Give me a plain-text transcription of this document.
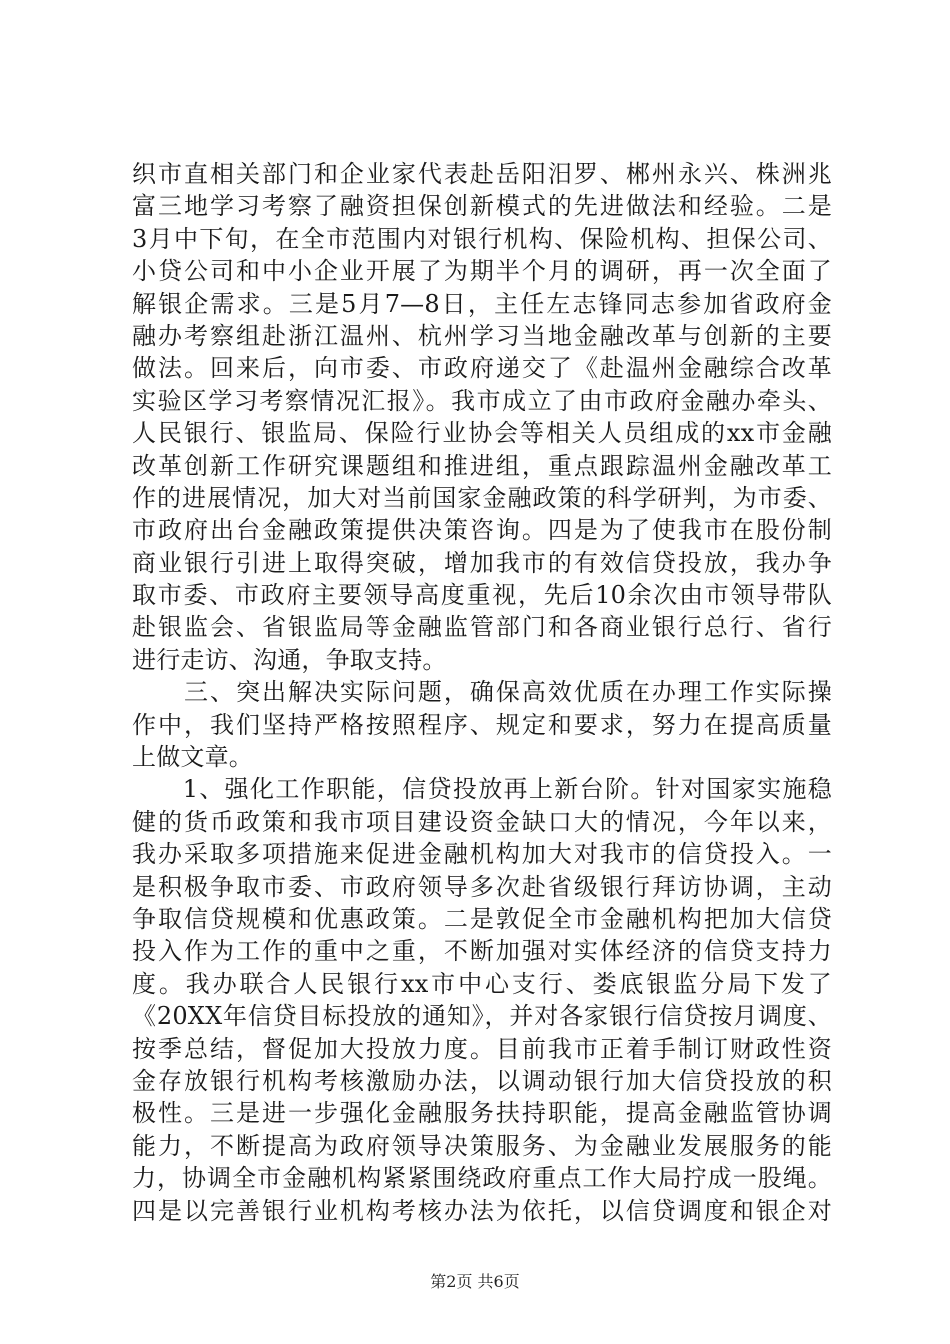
织市直相关部门和企业家代表赴岳阳汨罗、郴州永兴、株洲兆
富三地学习考察了融资担保创新模式的先进做法和经验。二是
3月中下旬，在全市范围内对银行机构、保险机构、担保公司、
小贷公司和中小企业开展了为期半个月的调研，再一次全面了
解银企需求。三是5月7—8日，主任左志锋同志参加省政府金
融办考察组赴浙江温州、杭州学习当地金融改革与创新的主要
做法。回来后，向市委、市政府递交了《赴温州金融综合改革
实验区学习考察情况汇报》。我市成立了由市政府金融办牵头、
人民银行、银监局、保险行业协会等相关人员组成的xx市金融
改革创新工作研究课题组和推进组，重点跟踪温州金融改革工
作的进展情况，加大对当前国家金融政策的科学研判，为市委、
市政府出台金融政策提供决策咨询。四是为了使我市在股份制
商业银行引进上取得突破，增加我市的有效信贷投放，我办争
取市委、市政府主要领导高度重视，先后10余次由市领导带队
赴银监会、省银监局等金融监管部门和各商业银行总行、省行
进行走访、沟通，争取支持。
　　三、突出解决实际问题，确保高效优质在办理工作实际操
作中，我们坚持严格按照程序、规定和要求，努力在提高质量
上做文章。
　　1、强化工作职能，信贷投放再上新台阶。针对国家实施稳
健的货币政策和我市项目建设资金缺口大的情况，今年以来，
我办采取多项措施来促进金融机构加大对我市的信贷投入。一
是积极争取市委、市政府领导多次赴省级银行拜访协调，主动
争取信贷规模和优惠政策。二是敦促全市金融机构把加大信贷
投入作为工作的重中之重，不断加强对实体经济的信贷支持力
度。我办联合人民银行xx市中心支行、娄底银监分局下发了
《20XX年信贷目标投放的通知》，并对各家银行信贷按月调度、
按季总结，督促加大投放力度。目前我市正着手制订财政性资
金存放银行机构考核激励办法，以调动银行加大信贷投放的积
极性。三是进一步强化金融服务扶持职能，提高金融监管协调
能力，不断提高为政府领导决策服务、为金融业发展服务的能
力，协调全市金融机构紧紧围绕政府重点工作大局拧成一股绳。
四是以完善银行业机构考核办法为依托，以信贷调度和银企对
第2页 共6页
